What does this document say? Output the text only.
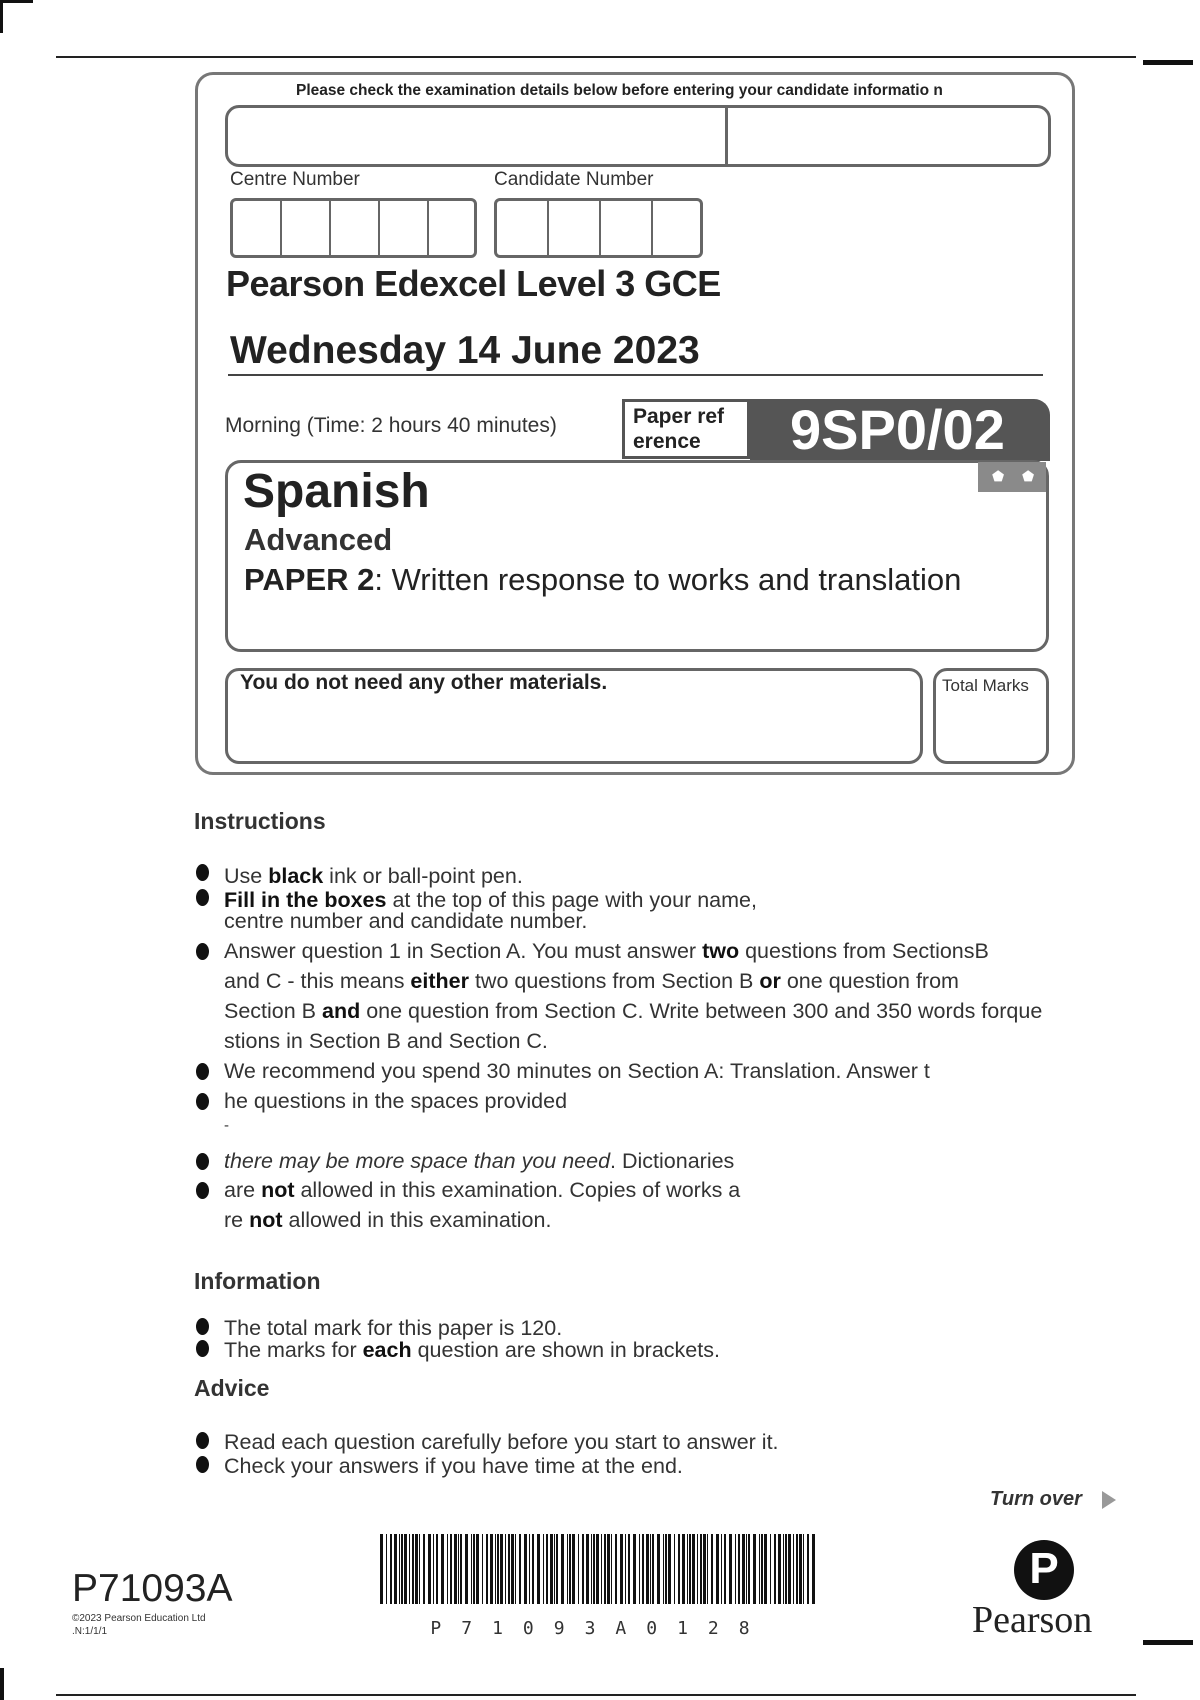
Please check the examination details below before entering your candidate informatio n
Centre Number	Candidate Number
Pearson Edexcel Level 3 GCE
Wednesday 14 June 2023
Morning (Time: 2 hours 40 minutes)	Paper ref erence	9SP0/02
⬟ ⬟
Spanish
Advanced
PAPER 2: Written response to works and translation
You do not need any other materials.	Total Marks
Instructions
Use black ink or ball-point pen.
Fill in the boxes at the top of this page with your name,
centre number and candidate number.
Answer question 1 in Section A. You must answer two questions from SectionsB
and C - this means either two questions from Section B or one question from
Section B and one question from Section C. Write between 300 and 350 words forque
stions in Section B and Section C.
We recommend you spend 30 minutes on Section A: Translation. Answer t
he questions in the spaces provided
-
there may be more space than you need. Dictionaries
are not allowed in this examination. Copies of works a
re not allowed in this examination.
Information
The total mark for this paper is 120.
The marks for each question are shown in brackets.
Advice
Read each question carefully before you start to answer it.
Check your answers if you have time at the end.
Turn over
P71093A
©2023 Pearson Education Ltd
.N:1/1/1	P71093A0128
P
Pearson
